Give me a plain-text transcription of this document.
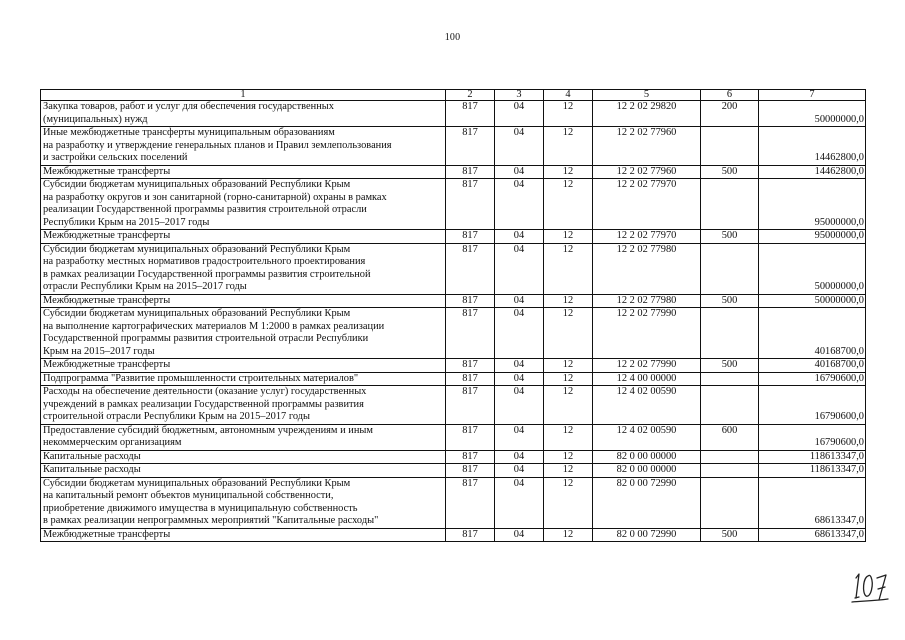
100
1	2	3	4	5	6	7
Закупка товаров, работ и услуг для обеспечения государственных
(муниципальных) нужд	817	04	12	12 2 02 29820	200	50000000,0
Иные межбюджетные трансферты муниципальным образованиям
на разработку и утверждение генеральных планов и Правил землепользования
и застройки сельских поселений	817	04	12	12 2 02 77960		14462800,0
Межбюджетные трансферты	817	04	12	12 2 02 77960	500	14462800,0
Субсидии бюджетам муниципальных образований Республики Крым
на разработку округов и зон санитарной (горно-санитарной) охраны в рамках
реализации Государственной программы развития строительной отрасли
Республики Крым на 2015–2017 годы	817	04	12	12 2 02 77970		95000000,0
Межбюджетные трансферты	817	04	12	12 2 02 77970	500	95000000,0
Субсидии бюджетам муниципальных образований Республики Крым
на разработку местных нормативов градостроительного проектирования
в рамках реализации Государственной программы развития строительной
отрасли Республики Крым на 2015–2017 годы	817	04	12	12 2 02 77980		50000000,0
Межбюджетные трансферты	817	04	12	12 2 02 77980	500	50000000,0
Субсидии бюджетам муниципальных образований Республики Крым
на выполнение картографических материалов М 1:2000 в рамках реализации
Государственной программы развития строительной отрасли Республики
Крым на 2015–2017 годы	817	04	12	12 2 02 77990		40168700,0
Межбюджетные трансферты	817	04	12	12 2 02 77990	500	40168700,0
Подпрограмма "Развитие промышленности строительных материалов"	817	04	12	12 4 00 00000		16790600,0
Расходы на обеспечение деятельности (оказание услуг) государственных
учреждений в рамках реализации Государственной программы развития
строительной отрасли Республики Крым на 2015–2017 годы	817	04	12	12 4 02 00590		16790600,0
Предоставление субсидий бюджетным, автономным учреждениям и иным
некоммерческим организациям	817	04	12	12 4 02 00590	600	16790600,0
Капитальные расходы	817	04	12	82 0 00 00000		118613347,0
Капитальные расходы	817	04	12	82 0 00 00000		118613347,0
Субсидии бюджетам муниципальных образований Республики Крым
на капитальный ремонт объектов муниципальной собственности,
приобретение движимого имущества в муниципальную собственность
в рамках реализации непрограммных мероприятий "Капитальные расходы"	817	04	12	82 0 00 72990		68613347,0
Межбюджетные трансферты	817	04	12	82 0 00 72990	500	68613347,0
